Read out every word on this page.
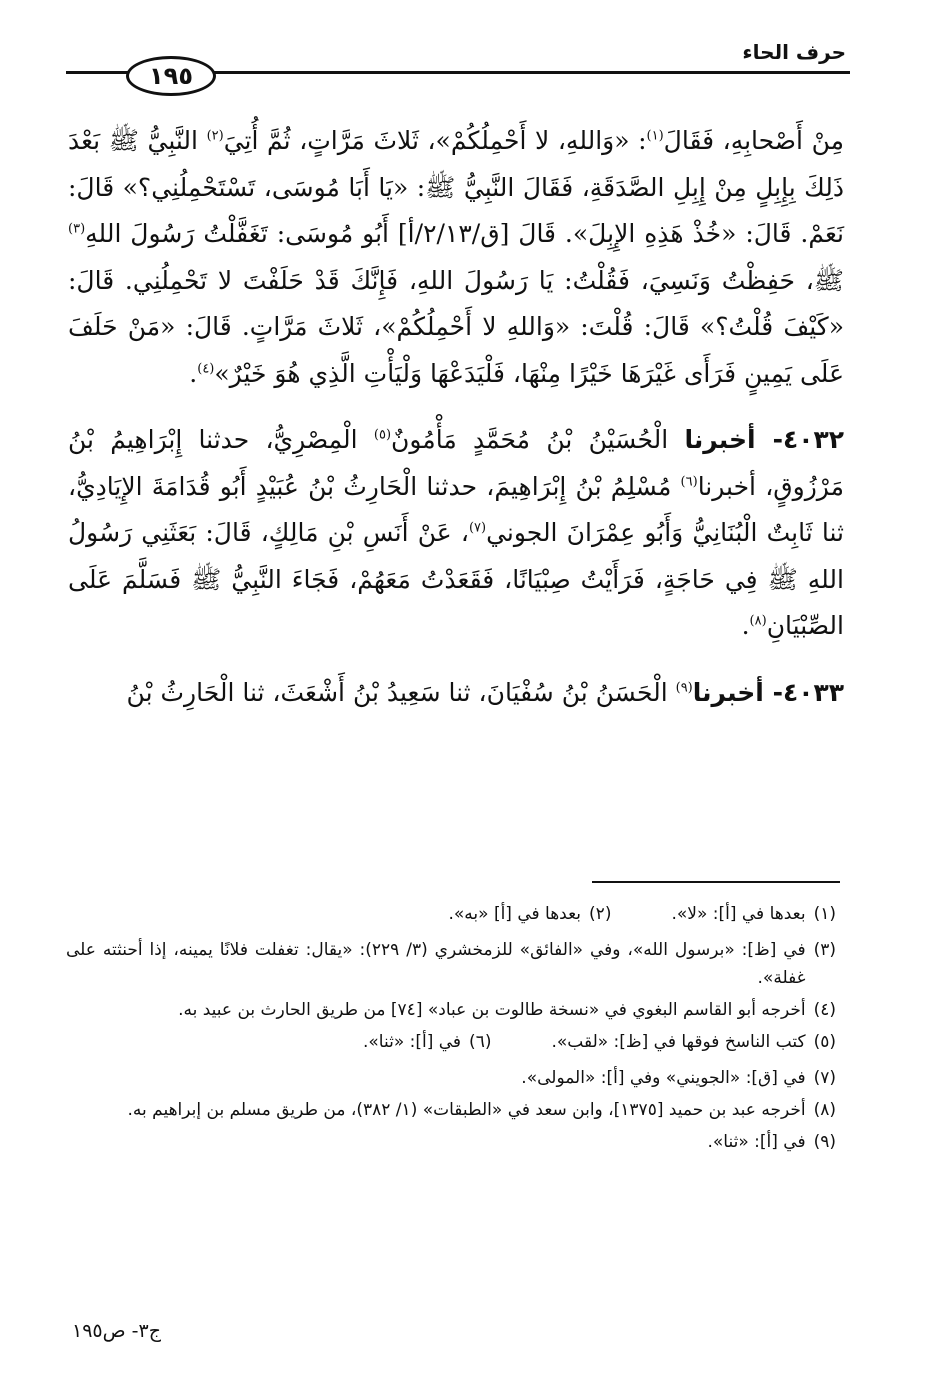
حرف الحاء
١٩٥

مِنْ أَصْحابِهِ، فَقَالَ$^{(١)}$: «وَاللهِ، لا أَحْمِلُكُمْ»، ثَلاثَ مَرَّاتٍ، ثُمَّ أُتِيَ$^{(٢)}$ النَّبِيُّ ﷺ بَعْدَ ذَلِكَ بِإِبِلٍ مِنْ إِبِلِ الصَّدَقَةِ، فَقَالَ النَّبِيُّ ﷺ: «يَا أَبَا مُوسَى، تَسْتَحْمِلُنِي؟» قَالَ: نَعَمْ. قَالَ: «خُذْ هَذِهِ الإِبِلَ». قَالَ [ق/٢/١٣/أ] أَبُو مُوسَى: تَغَفَّلْتُ رَسُولَ اللهِ$^{(٣)}$ ﷺ، حَفِظْتُ وَنَسِيَ، فَقُلْتُ: يَا رَسُولَ اللهِ، فَإِنَّكَ قَدْ حَلَفْتَ لا تَحْمِلُنِي. قَالَ: «كَيْفَ قُلْتُ؟» قَالَ: قُلْتَ: «وَاللهِ لا أَحْمِلُكُمْ»، ثَلاثَ مَرَّاتٍ. قَالَ: «مَنْ حَلَفَ عَلَى يَمِينٍ فَرَأَى غَيْرَهَا خَيْرًا مِنْهَا، فَلْيَدَعْهَا وَلْيَأْتِ الَّذِي هُوَ خَيْرٌ»$^{(٤)}$.

٤٠٣٢- أخبرنا الْحُسَيْنُ بْنُ مُحَمَّدٍ مَأْمُونٌ$^{(٥)}$ الْمِصْرِيُّ، حدثنا إِبْرَاهِيمُ بْنُ مَرْزُوقٍ، أخبرنا$^{(٦)}$ مُسْلِمُ بْنُ إِبْرَاهِيمَ، حدثنا الْحَارِثُ بْنُ عُبَيْدٍ أَبُو قُدَامَةَ الإِيَادِيُّ، ثنا ثَابِتٌ الْبُنَانِيُّ وَأَبُو عِمْرَانَ الجوني$^{(٧)}$، عَنْ أَنَسِ بْنِ مَالِكٍ، قَالَ: بَعَثَنِي رَسُولُ اللهِ ﷺ فِي حَاجَةٍ، فَرَأَيْتُ صِبْيَانًا، فَقَعَدْتُ مَعَهُمْ، فَجَاءَ النَّبِيُّ ﷺ فَسَلَّمَ عَلَى الصِّبْيَانِ$^{(٨)}$.

٤٠٣٣- أخبرنا$^{(٩)}$ الْحَسَنُ بْنُ سُفْيَانَ، ثنا سَعِيدُ بْنُ أَشْعَثَ، ثنا الْحَارِثُ بْنُ

(١)
بعدها في [أ]: «لا».
(٢)
بعدها في [أ] «به».
(٣)
في [ظ]: «برسول الله»، وفي «الفائق» للزمخشري (٣/ ٢٢٩): «يقال: تغفلت فلانًا يمينه، إذا أحنثته على غفلة».
(٤)
أخرجه أبو القاسم البغوي في «نسخة طالوت بن عباد» [٧٤] من طريق الحارث بن عبيد به.
(٥)
كتب الناسخ فوقها في [ظ]: «لقب».
(٦)
في [أ]: «ثنا».
(٧)
في [ق]: «الجويني» وفي [أ]: «المولى».
(٨)
أخرجه عبد بن حميد [١٣٧٥]، وابن سعد في «الطبقات» (١/ ٣٨٢)، من طريق مسلم بن إبراهيم به.
(٩)
في [أ]: «ثنا».
ج٣- ص١٩٥
